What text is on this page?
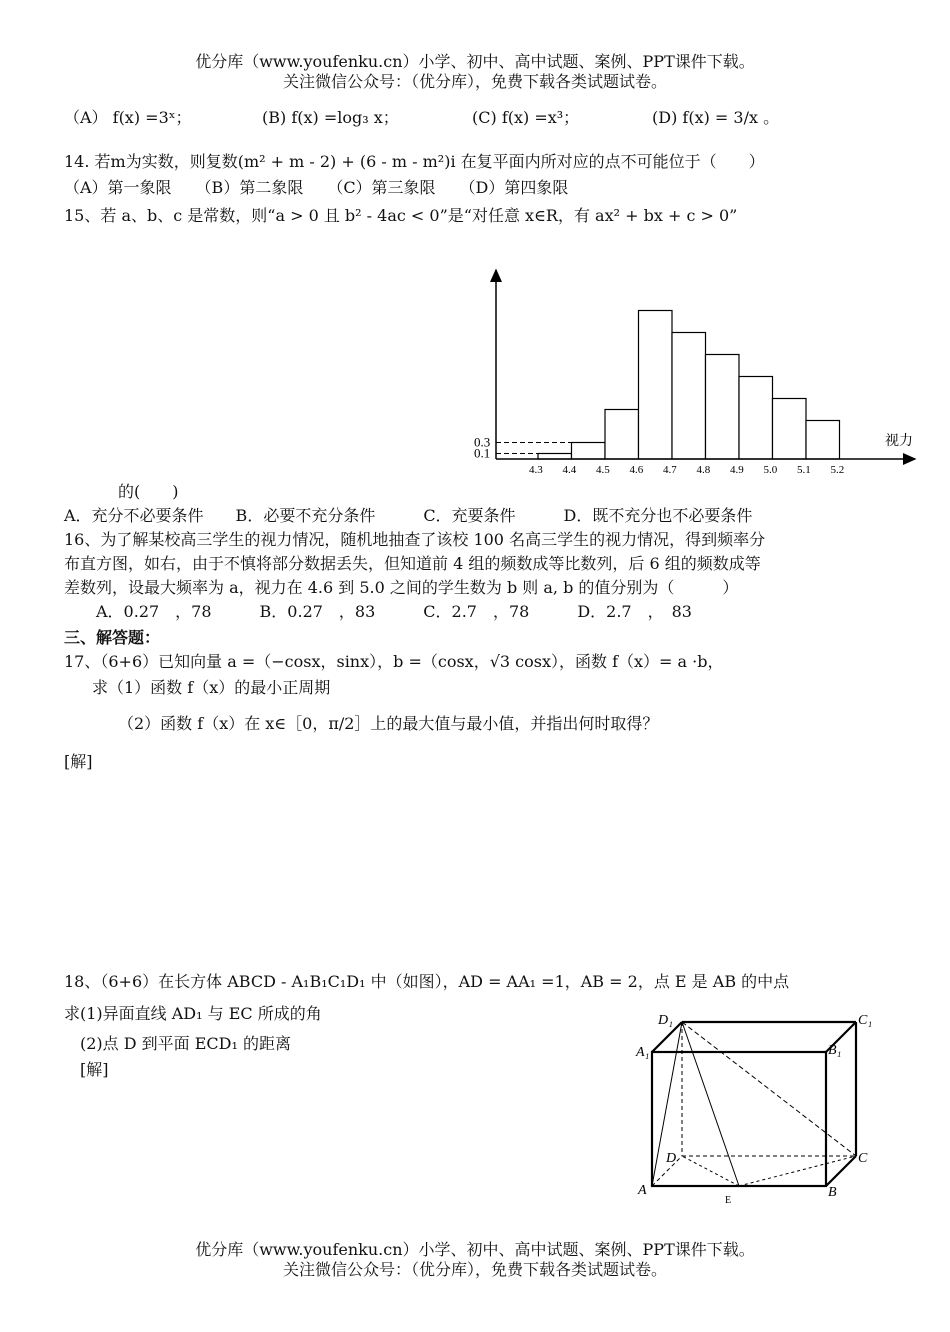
优分库（www.youfenku.cn）小学、初中、高中试题、案例、PPT课件下载。
关注微信公众号：（优分库），免费下载各类试题试卷。
（A） f(x) =3ˣ；	(B) f(x) =log₃ x；	(C) f(x) =x³；	(D) f(x) = 3/x 。
14. 若m为实数，则复数(m² + m - 2) + (6 - m - m²)i 在复平面内所对应的点不可能位于（　　）
（A）第一象限　　（B）第二象限　　（C）第三象限　　（D）第四象限
15、若 a、b、c 是常数，则“a > 0 且 b² - 4ac < 0”是“对任意 x∈R，有 ax² + bx + c > 0”
0.1
0.3
4.3 4.4 4.5 4.6 4.7 4.8 4.9 5.0 5.1 5.2
视力
的(　　)
A．充分不必要条件　　B．必要不充分条件　　　C．充要条件　　　D．既不充分也不必要条件
16、为了解某校高三学生的视力情况，随机地抽查了该校 100 名高三学生的视力情况，得到频率分
布直方图，如右，由于不慎将部分数据丢失，但知道前 4 组的频数成等比数列，后 6 组的频数成等
差数列，设最大频率为 a，视力在 4.6 到 5.0 之间的学生数为 b 则 a, b 的值分别为（　　　）
A．0.27　，78　　　B．0.27　，83　　　C．2.7　，78　　　D．2.7　，　83
三、解答题：
17、（6+6）已知向量 a =（−cosx，sinx），b =（cosx，√3 cosx），函数 f（x）= a ·b，
求（1）函数 f（x）的最小正周期
（2）函数 f（x）在 x∈［0，π/2］上的最大值与最小值，并指出何时取得？
[解]
18、（6+6）在长方体 ABCD - A₁B₁C₁D₁ 中（如图），AD = AA₁ =1，AB = 2，点 E 是 AB 的中点
求(1)异面直线 AD₁ 与 EC 所成的角
(2)点 D 到平面 ECD₁ 的距离
[解]
D₁	C₁
A₁	B₁
D	C
A	B
E
优分库（www.youfenku.cn）小学、初中、高中试题、案例、PPT课件下载。
关注微信公众号：（优分库），免费下载各类试题试卷。
